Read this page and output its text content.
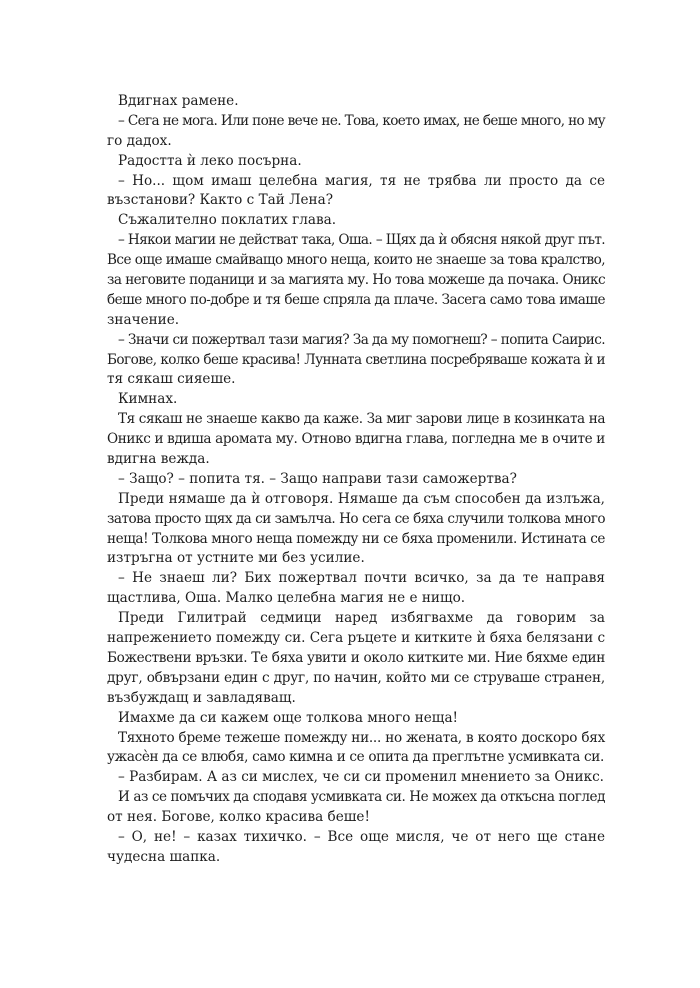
Вдигнах рамене.
– Сега не мога. Или поне вече не. Това, което имах, не беше много, но му
го дадох.
Радостта ѝ леко посърна.
– Но... щом имаш целебна магия, тя не трябва ли просто да се
възстанови? Както с Тай Лена?
Съжалително поклатих глава.
– Някои магии не действат така, Оша. – Щях да ѝ обясня някой друг път.
Все още имаше смайващо много неща, които не знаеше за това кралство,
за неговите поданици и за магията му. Но това можеше да почака. Оникс
беше много по-добре и тя беше спряла да плаче. Засега само това имаше
значение.
– Значи си пожертвал тази магия? За да му помогнеш? – попита Саирис.
Богове, колко беше красива! Лунната светлина посребряваше кожата ѝ и
тя сякаш сияеше.
Кимнах.
Тя сякаш не знаеше какво да каже. За миг зарови лице в козинката на
Оникс и вдиша аромата му. Отново вдигна глава, погледна ме в очите и
вдигна вежда.
– Защо? – попита тя. – Защо направи тази саможертва?
Преди нямаше да ѝ отговоря. Нямаше да съм способен да излъжа,
затова просто щях да си замълча. Но сега се бяха случили толкова много
неща! Толкова много неща помежду ни се бяха променили. Истината се
изтръгна от устните ми без усилие.
– Не знаеш ли? Бих пожертвал почти всичко, за да те направя
щастлива, Оша. Малко целебна магия не е нищо.
Преди Гилитрай седмици наред избягвахме да говорим за
напрежението помежду си. Сега ръцете и китките ѝ бяха белязани с
Божествени връзки. Те бяха увити и около китките ми. Ние бяхме един
друг, обвързани един с друг, по начин, който ми се струваше странен,
възбуждащ и завладяващ.
Имахме да си кажем още толкова много неща!
Тяхното бреме тежеше помежду ни... но жената, в която доскоро бях
ужасѐн да се влюбя, само кимна и се опита да преглътне усмивката си.
– Разбирам. А аз си мислех, че си си променил мнението за Оникс.
И аз се помъчих да сподавя усмивката си. Не можех да откъсна поглед
от нея. Богове, колко красива беше!
– О, не! – казах тихичко. – Все още мисля, че от него ще стане
чудесна шапка.
